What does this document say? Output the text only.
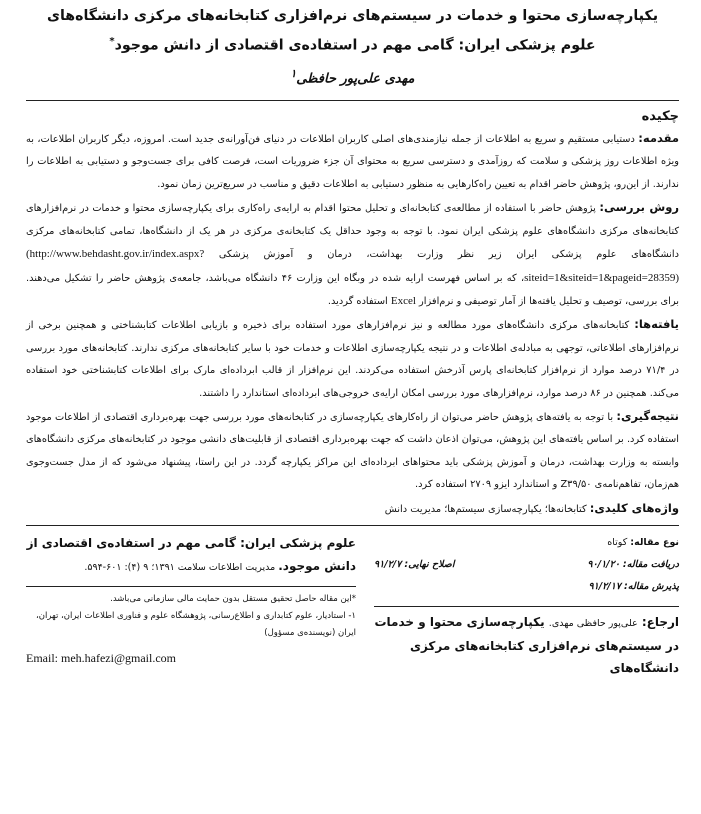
یکپارچه‌سازی محتوا و خدمات در سیستم‌های نرم‌افزاری کتابخانه‌های مرکزی دانشگاه‌های
علوم پزشکی ایران: گامی مهم در استفاده‌ی اقتصادی از دانش موجود*
مهدی علی‌پور حافظی$^۱$
چکیده

مقدمه: دستیابی مستقیم و سریع به اطلاعات از جمله نیازمندی‌های اصلی کاربران اطلاعات در دنیای فن‌آورانه‌ی جدید است. امروزه، دیگر کاربران اطلاعات، به ویژه اطلاعات روز پزشکی و سلامت که روزآمدی و دسترسی سریع به محتوای آن جزء ضروریات است، فرصت کافی برای جست‌وجو و دستیابی به اطلاعات را ندارند. از این‌رو، پژوهش حاضر اقدام به تعیین راه‌کارهایی به منظور دستیابی به اطلاعات دقیق و مناسب در سریع‌ترین زمان نمود.

روش بررسی: پژوهش حاضر با استفاده از مطالعه‌ی کتابخانه‌ای و تحلیل محتوا اقدام به ارایه‌ی راه‌کاری برای یکپارچه‌سازی محتوا و خدمات در نرم‌افزارهای کتابخانه‌های مرکزی دانشگاه‌های علوم پزشکی ایران نمود. با توجه به وجود حداقل یک کتابخانه‌ی مرکزی در هر یک از دانشگاه‌ها، تمامی کتابخانه‌های مرکزی دانشگاه‌های علوم پزشکی ایران زیر نظر وزارت بهداشت، درمان و آموزش پزشکی (http://www.behdasht.gov.ir/index.aspx?siteid=1&siteid=1&pageid=28359)، که بر اساس فهرست ارایه شده در وبگاه این وزارت ۴۶ دانشگاه می‌باشد، جامعه‌ی پژوهش حاضر را تشکیل می‌دهند. برای بررسی، توصیف و تحلیل یافته‌ها از آمار توصیفی و نرم‌افزار Excel استفاده گردید.

یافته‌ها: کتابخانه‌های مرکزی دانشگاه‌های مورد مطالعه و نیز نرم‌افزارهای مورد استفاده برای ذخیره و بازیابی اطلاعات کتابشناختی و همچنین برخی از نرم‌افزارهای اطلاعاتی، توجهی به مبادله‌ی اطلاعات و در نتیجه یکپارچه‌سازی اطلاعات و خدمات خود با سایر کتابخانه‌های مرکزی ندارند. کتابخانه‌های مورد بررسی در ۷۱/۴ درصد موارد از نرم‌افزار کتابخانه‌ای پارس آذرخش استفاده می‌کردند. این نرم‌افزار از قالب ابرداده‌ای مارک برای اطلاعات کتابشناختی خود استفاده می‌کند. همچنین در ۸۶ درصد موارد، نرم‌افزارهای مورد بررسی امکان ارایه‌ی خروجی‌های ابرداده‌ای استاندارد را داشتند.

نتیجه‌گیری: با توجه به یافته‌های پژوهش حاضر می‌توان از راه‌کارهای یکپارچه‌سازی در کتابخانه‌های مورد بررسی جهت بهره‌برداری اقتصادی از اطلاعات موجود استفاده کرد. بر اساس یافته‌های این پژوهش، می‌توان اذعان داشت که جهت بهره‌برداری اقتصادی از قابلیت‌های دانشی موجود در کتابخانه‌های مرکزی دانشگاه‌های وابسته به وزارت بهداشت، درمان و آموزش پزشکی باید محتواهای ابرداده‌ای این مراکز یکپارچه گردد. در این راستا، پیشنهاد می‌شود که از مدل جست‌وجوی هم‌زمان، تفاهم‌نامه‌ی Z۳۹/۵۰ و استاندارد ایزو ۲۷۰۹ استفاده کرد.

واژه‌های کلیدی: کتابخانه‌ها؛ یکپارچه‌سازی سیستم‌ها؛ مدیریت دانش

نوع مقاله: کوتاه
دریافت مقاله: ۹۰/۱/۲۰
اصلاح نهایی: ۹۱/۲/۷
پذیرش مقاله: ۹۱/۲/۱۷
ارجاع: علی‌پور حافظی مهدی. یکپارچه‌سازی محتوا و خدمات در سیستم‌های نرم‌افزاری کتابخانه‌های مرکزی دانشگاه‌های
علوم پزشکی ایران: گامی مهم در استفاده‌ی اقتصادی از دانش موجود. مدیریت اطلاعات سلامت ۱۳۹۱؛ ۹ (۴): ۶۰۱-۵۹۴.

*این مقاله حاصل تحقیق مستقل بدون حمایت مالی سازمانی می‌باشد.

۱- استادیار، علوم کتابداری و اطلاع‌رسانی، پژوهشگاه علوم و فناوری اطلاعات ایران، تهران، ایران (نویسنده‌ی مسؤول)

Email: meh.hafezi@gmail.com
